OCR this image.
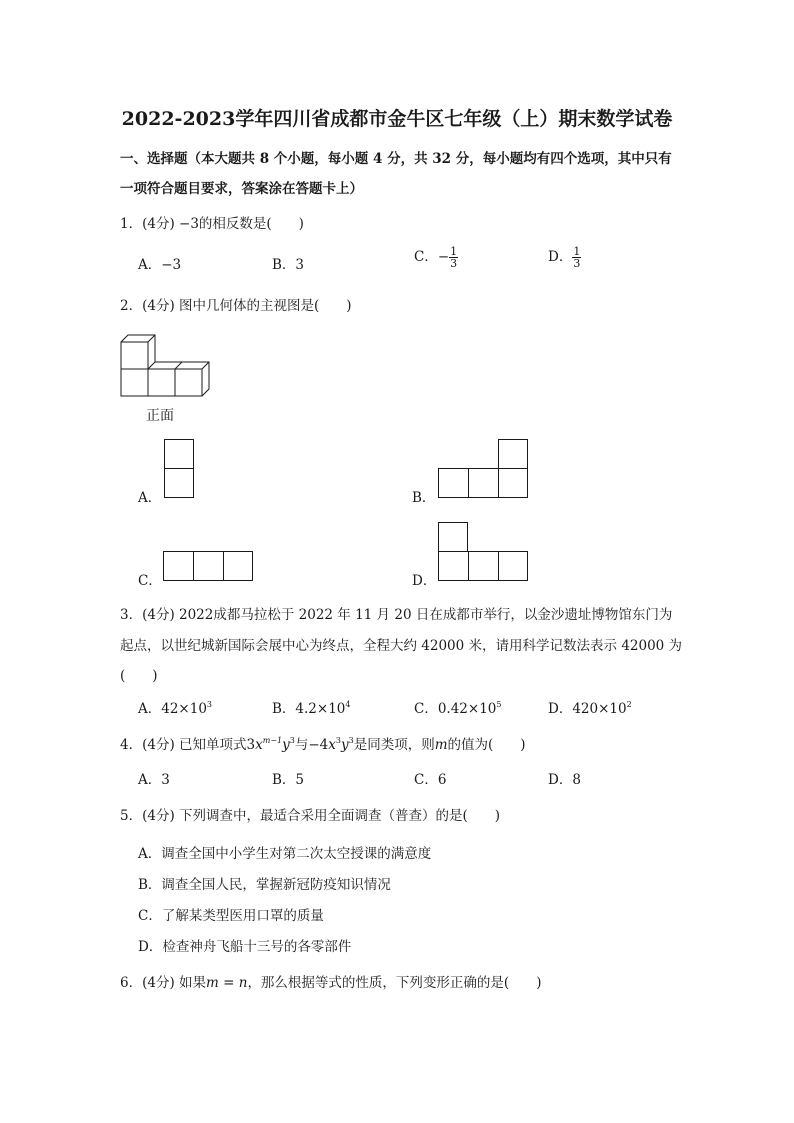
2022-2023学年四川省成都市金牛区七年级（上）期末数学试卷
一、选择题（本大题共 8 个小题，每小题 4 分，共 32 分，每小题均有四个选项，其中只有
一项符合题目要求，答案涂在答题卡上）
1．(4分) −3的相反数是(　　)
A．−3	B．3	C．− $\frac{1}{3}$	D． $\frac{1}{3}$
2．(4分) 图中几何体的主视图是(　　)
正面
A．	B．
C．	D．
3．(4分) 2022成都马拉松于 2022 年 11 月 20 日在成都市举行，以金沙遗址博物馆东门为
起点，以世纪城新国际会展中心为终点，全程大约 42000 米，请用科学记数法表示 42000 为
(　　)
A．$42\times 10^3$	B．$4.2\times 10^4$	C．$0.42\times 10^5$	D．$420\times 10^2$
4．(4分) 已知单项式$3x^{m-1}y^3$与$-4x^3y^3$是同类项，则m的值为(　　)
A．3	B．5	C．6	D．8
5．(4分) 下列调查中，最适合采用全面调查（普查）的是(　　)
A．调查全国中小学生对第二次太空授课的满意度
B．调查全国人民，掌握新冠防疫知识情况
C．了解某类型医用口罩的质量
D．检查神舟飞船十三号的各零部件
6．(4分) 如果m = n，那么根据等式的性质，下列变形正确的是(　　)
